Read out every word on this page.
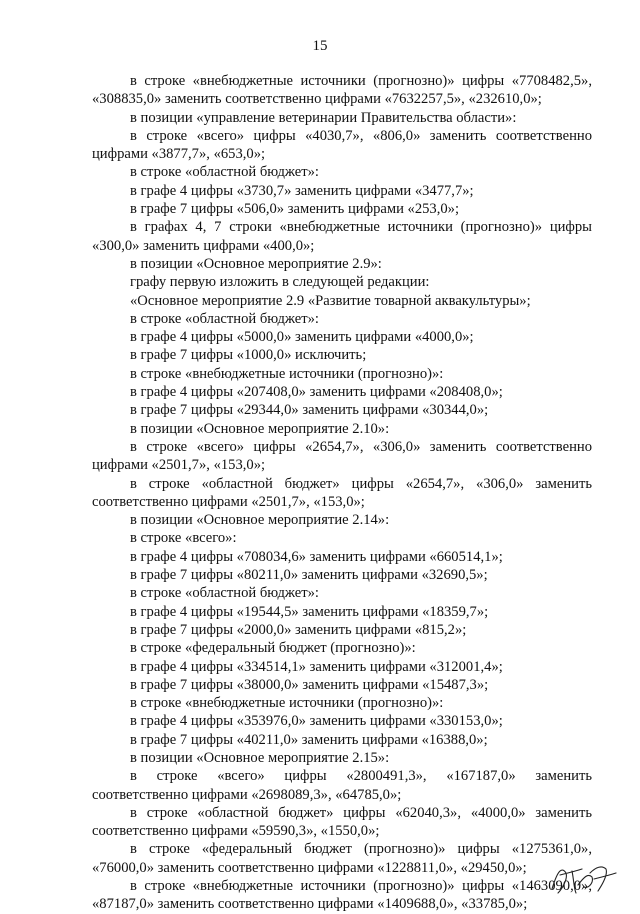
15
в строке «внебюджетные источники (прогнозно)» цифры «7708482,5»,
«308835,0» заменить соответственно цифрами «7632257,5», «232610,0»;
в позиции «управление ветеринарии Правительства области»:
в строке «всего» цифры «4030,7», «806,0» заменить соответственно
цифрами «3877,7», «653,0»;
в строке «областной бюджет»:
в графе 4 цифры «3730,7» заменить цифрами «3477,7»;
в графе 7 цифры «506,0» заменить цифрами «253,0»;
в графах 4, 7 строки «внебюджетные источники (прогнозно)» цифры
«300,0» заменить цифрами «400,0»;
в позиции «Основное мероприятие 2.9»:
графу первую изложить в следующей редакции:
«Основное мероприятие 2.9 «Развитие товарной аквакультуры»;
в строке «областной бюджет»:
в графе 4 цифры «5000,0» заменить цифрами «4000,0»;
в графе 7 цифры «1000,0» исключить;
в строке «внебюджетные источники (прогнозно)»:
в графе 4 цифры «207408,0» заменить цифрами «208408,0»;
в графе 7 цифры «29344,0» заменить цифрами «30344,0»;
в позиции «Основное мероприятие 2.10»:
в строке «всего» цифры «2654,7», «306,0» заменить соответственно
цифрами «2501,7», «153,0»;
в строке «областной бюджет» цифры «2654,7», «306,0» заменить
соответственно цифрами «2501,7», «153,0»;
в позиции «Основное мероприятие 2.14»:
в строке «всего»:
в графе 4 цифры «708034,6» заменить цифрами «660514,1»;
в графе 7 цифры «80211,0» заменить цифрами «32690,5»;
в строке «областной бюджет»:
в графе 4 цифры «19544,5» заменить цифрами «18359,7»;
в графе 7 цифры «2000,0» заменить цифрами «815,2»;
в строке «федеральный бюджет (прогнозно)»:
в графе 4 цифры «334514,1» заменить цифрами «312001,4»;
в графе 7 цифры «38000,0» заменить цифрами «15487,3»;
в строке «внебюджетные источники (прогнозно)»:
в графе 4 цифры «353976,0» заменить цифрами «330153,0»;
в графе 7 цифры «40211,0» заменить цифрами «16388,0»;
в позиции «Основное мероприятие 2.15»:
в строке «всего» цифры «2800491,3», «167187,0» заменить
соответственно цифрами «2698089,3», «64785,0»;
в строке «областной бюджет» цифры «62040,3», «4000,0» заменить
соответственно цифрами «59590,3», «1550,0»;
в строке «федеральный бюджет (прогнозно)» цифры «1275361,0»,
«76000,0» заменить соответственно цифрами «1228811,0», «29450,0»;
в строке «внебюджетные источники (прогнозно)» цифры «1463090,0»,
«87187,0» заменить соответственно цифрами «1409688,0», «33785,0»;
